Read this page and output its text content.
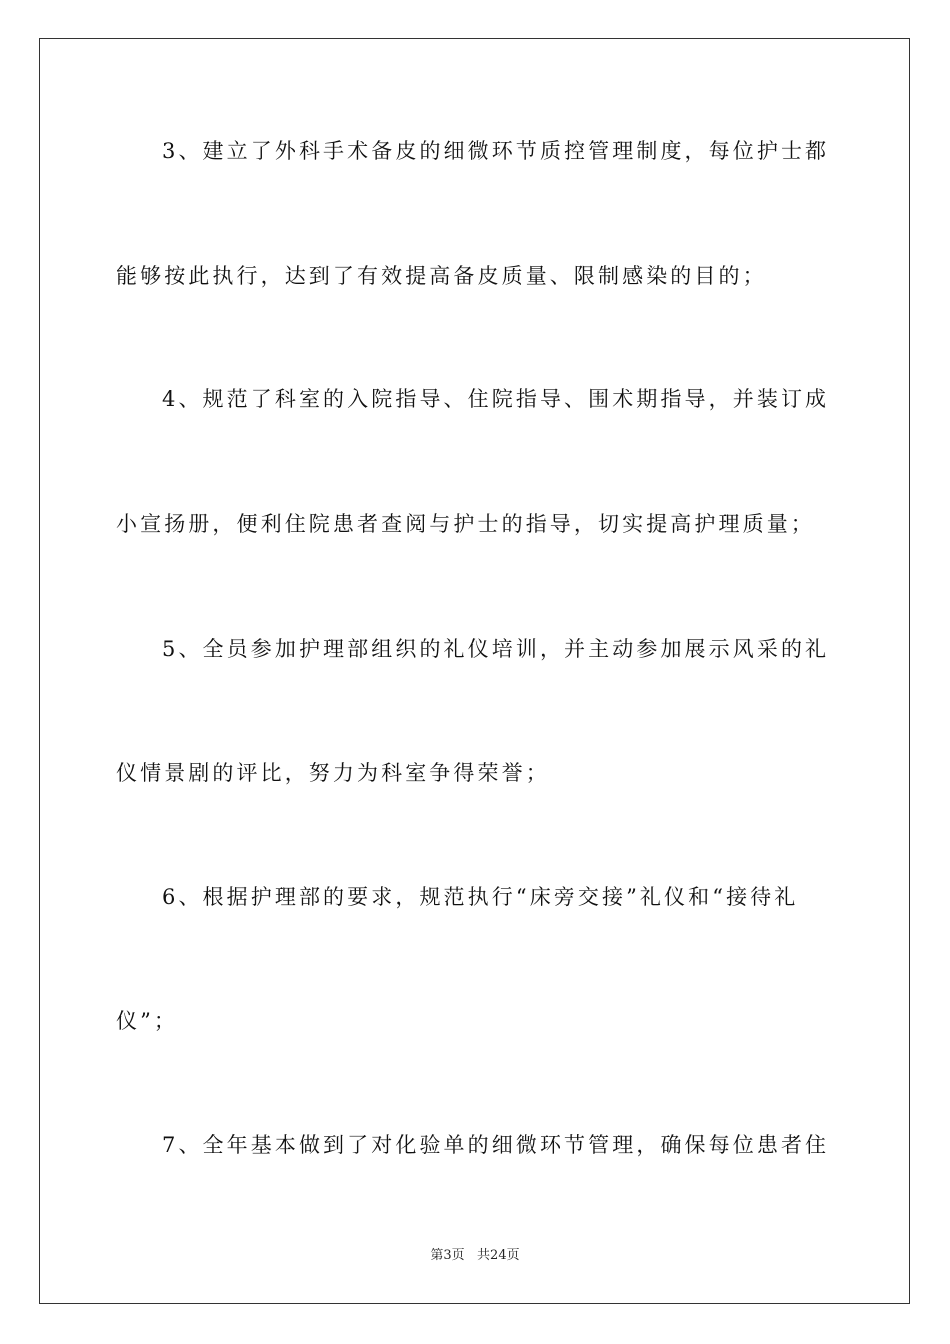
3、建立了外科手术备皮的细微环节质控管理制度，每位护士都
能够按此执行，达到了有效提高备皮质量、限制感染的目的；
4、规范了科室的入院指导、住院指导、围术期指导，并装订成
小宣扬册，便利住院患者查阅与护士的指导，切实提高护理质量；
5、全员参加护理部组织的礼仪培训，并主动参加展示风采的礼
仪情景剧的评比，努力为科室争得荣誉；
6、根据护理部的要求，规范执行“床旁交接”礼仪和“接待礼
仪”；
7、全年基本做到了对化验单的细微环节管理，确保每位患者住
第3页   共24页
